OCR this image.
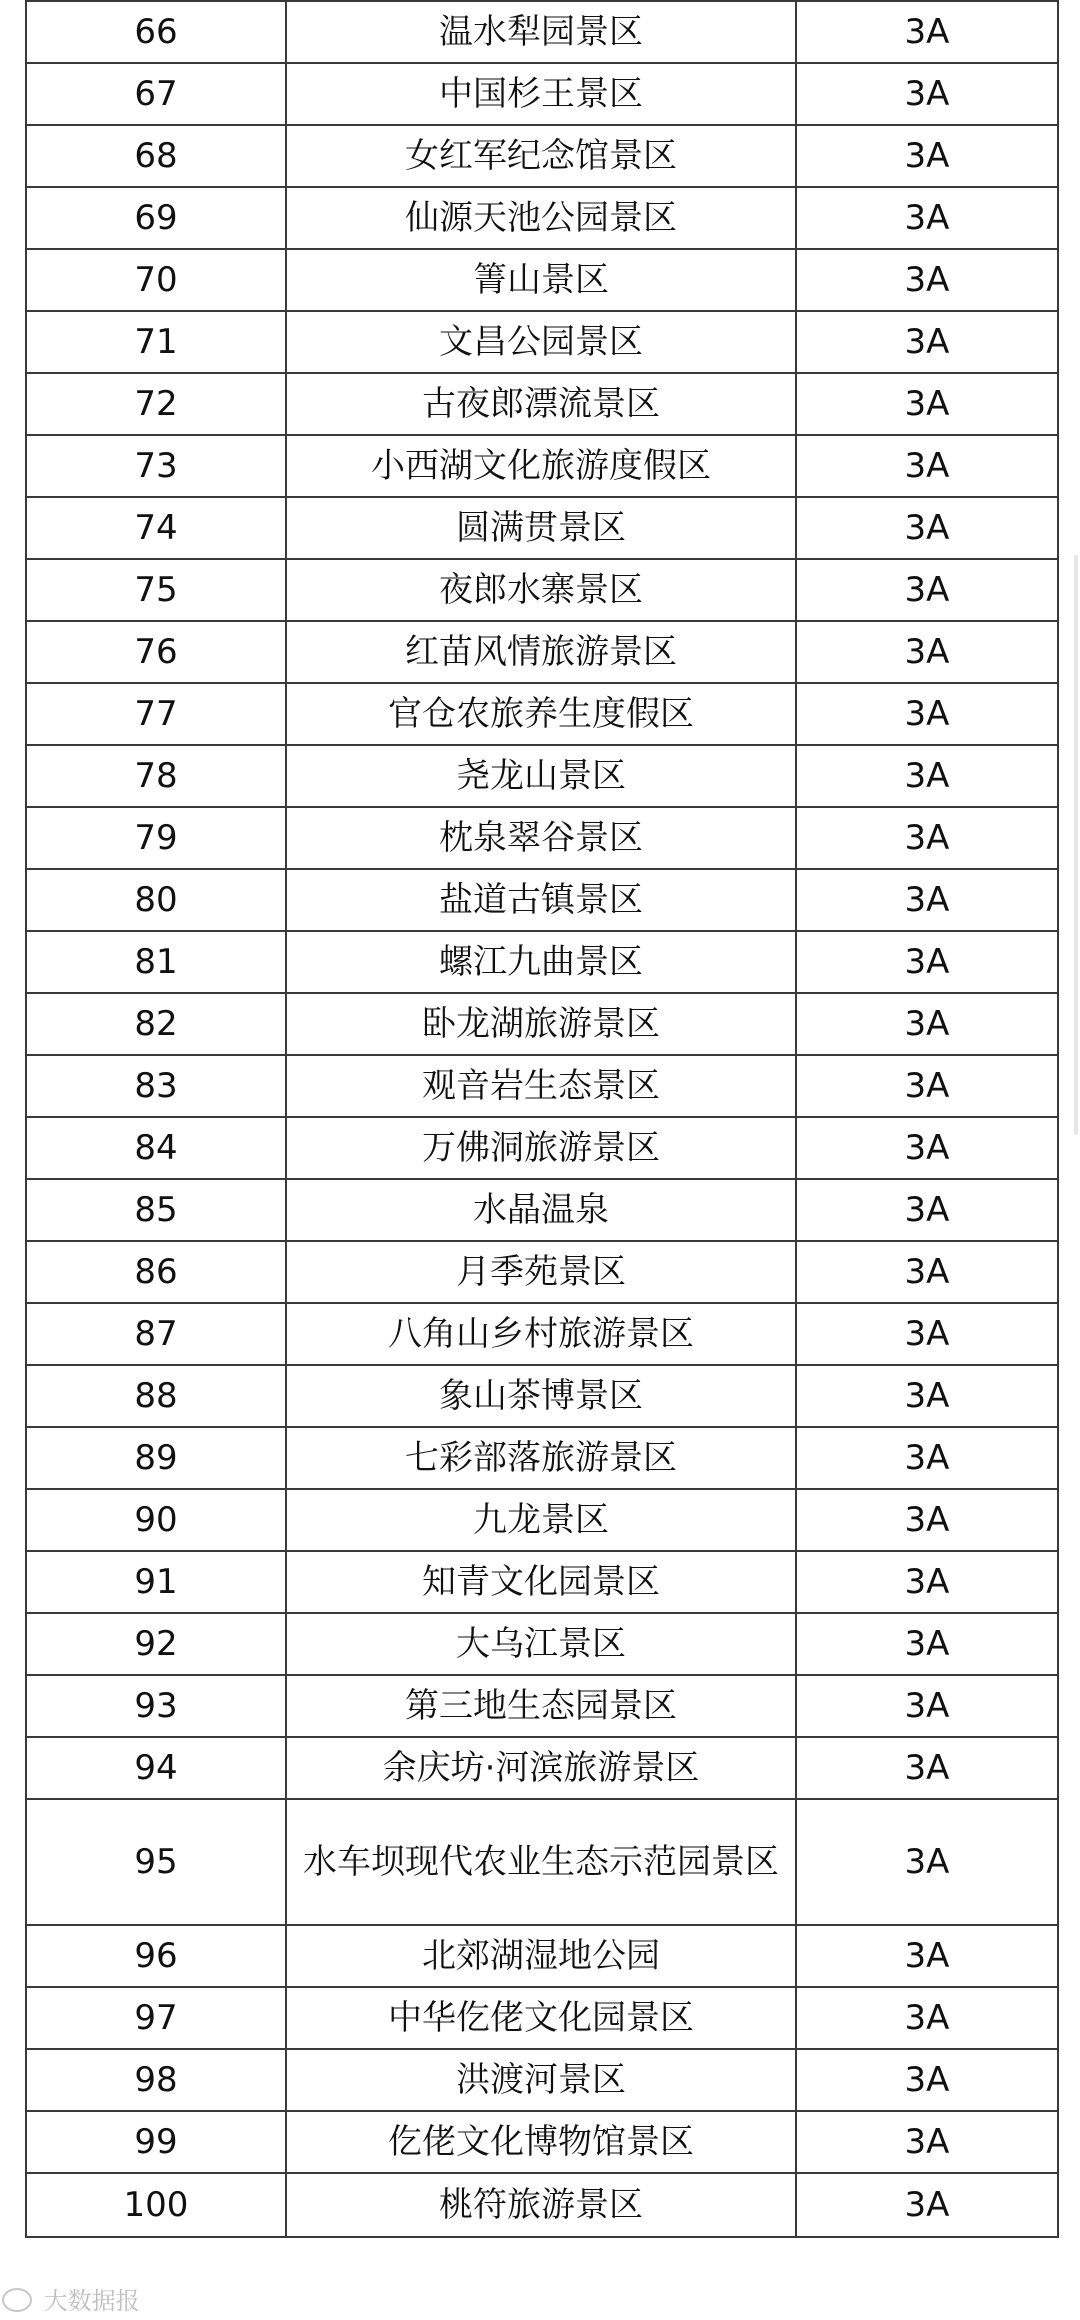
66	温水犁园景区	3A
67	中国杉王景区	3A
68	女红军纪念馆景区	3A
69	仙源天池公园景区	3A
70	箐山景区	3A
71	文昌公园景区	3A
72	古夜郎漂流景区	3A
73	小西湖文化旅游度假区	3A
74	圆满贯景区	3A
75	夜郎水寨景区	3A
76	红苗风情旅游景区	3A
77	官仓农旅养生度假区	3A
78	尧龙山景区	3A
79	枕泉翠谷景区	3A
80	盐道古镇景区	3A
81	螺江九曲景区	3A
82	卧龙湖旅游景区	3A
83	观音岩生态景区	3A
84	万佛洞旅游景区	3A
85	水晶温泉	3A
86	月季苑景区	3A
87	八角山乡村旅游景区	3A
88	象山茶博景区	3A
89	七彩部落旅游景区	3A
90	九龙景区	3A
91	知青文化园景区	3A
92	大乌江景区	3A
93	第三地生态园景区	3A
94	余庆坊·河滨旅游景区	3A
95	水车坝现代农业生态示范园景区	3A
96	北郊湖湿地公园	3A
97	中华仡佬文化园景区	3A
98	洪渡河景区	3A
99	仡佬文化博物馆景区	3A
100	桃符旅游景区	3A
大数据报
